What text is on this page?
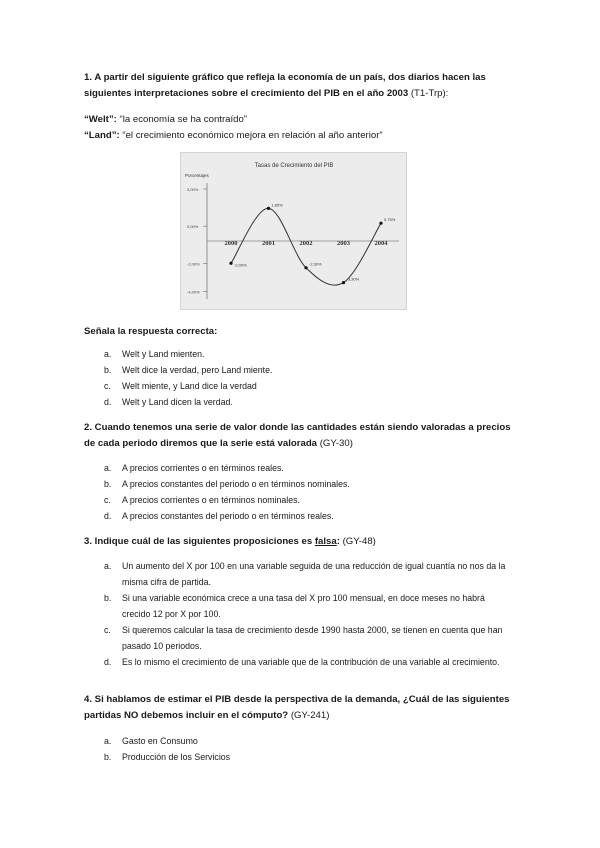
1. A partir del siguiente gráfico que refleja la economía de un país, dos diarios hacen las siguientes interpretaciones sobre el crecimiento del PIB en el año 2003 (T1-Trp):
“Welt”: “la economía se ha contraído”
“Land”: “el crecimiento económico mejora en relación al año anterior”
Tasas de Crecimiento del PIB
Porcentajes
3,00%
0,00%
-2,00%
-4,00%
2000	2001	2002	2003	2004
-2,00%
1,65%
-2,30%
-3,30%
0,75%
Señala la respuesta correcta:
a.	Welt y Land mienten.
b.	Welt dice la verdad, pero Land miente.
c.	Welt miente, y Land dice la verdad
d.	Welt y Land dicen la verdad.
2. Cuando tenemos una serie de valor donde las cantidades están siendo valoradas a precios de cada periodo diremos que la serie está valorada (GY-30)
a.	A precios corrientes o en términos reales.
b.	A precios constantes del periodo o en términos nominales.
c.	A precios corrientes o en términos nominales.
d.	A precios constantes del periodo o en términos reales.
3. Indique cuál de las siguientes proposiciones es falsa: (GY-48)
a.	Un aumento del X por 100 en una variable seguida de una reducción de igual cuantía no nos da la misma cifra de partida.
b.	Si una variable económica crece a una tasa del X pro 100 mensual, en doce meses no habrá crecido 12 por X por 100.
c.	Si queremos calcular la tasa de crecimiento desde 1990 hasta 2000, se tienen en cuenta que han pasado 10 periodos.
d.	Es lo mismo el crecimiento de una variable que de la contribución de una variable al crecimiento.
4. Si hablamos de estimar el PIB desde la perspectiva de la demanda, ¿Cuál de las siguientes partidas NO debemos incluir en el cómputo? (GY-241)
a.	Gasto en Consumo
b.	Producción de los Servicios
